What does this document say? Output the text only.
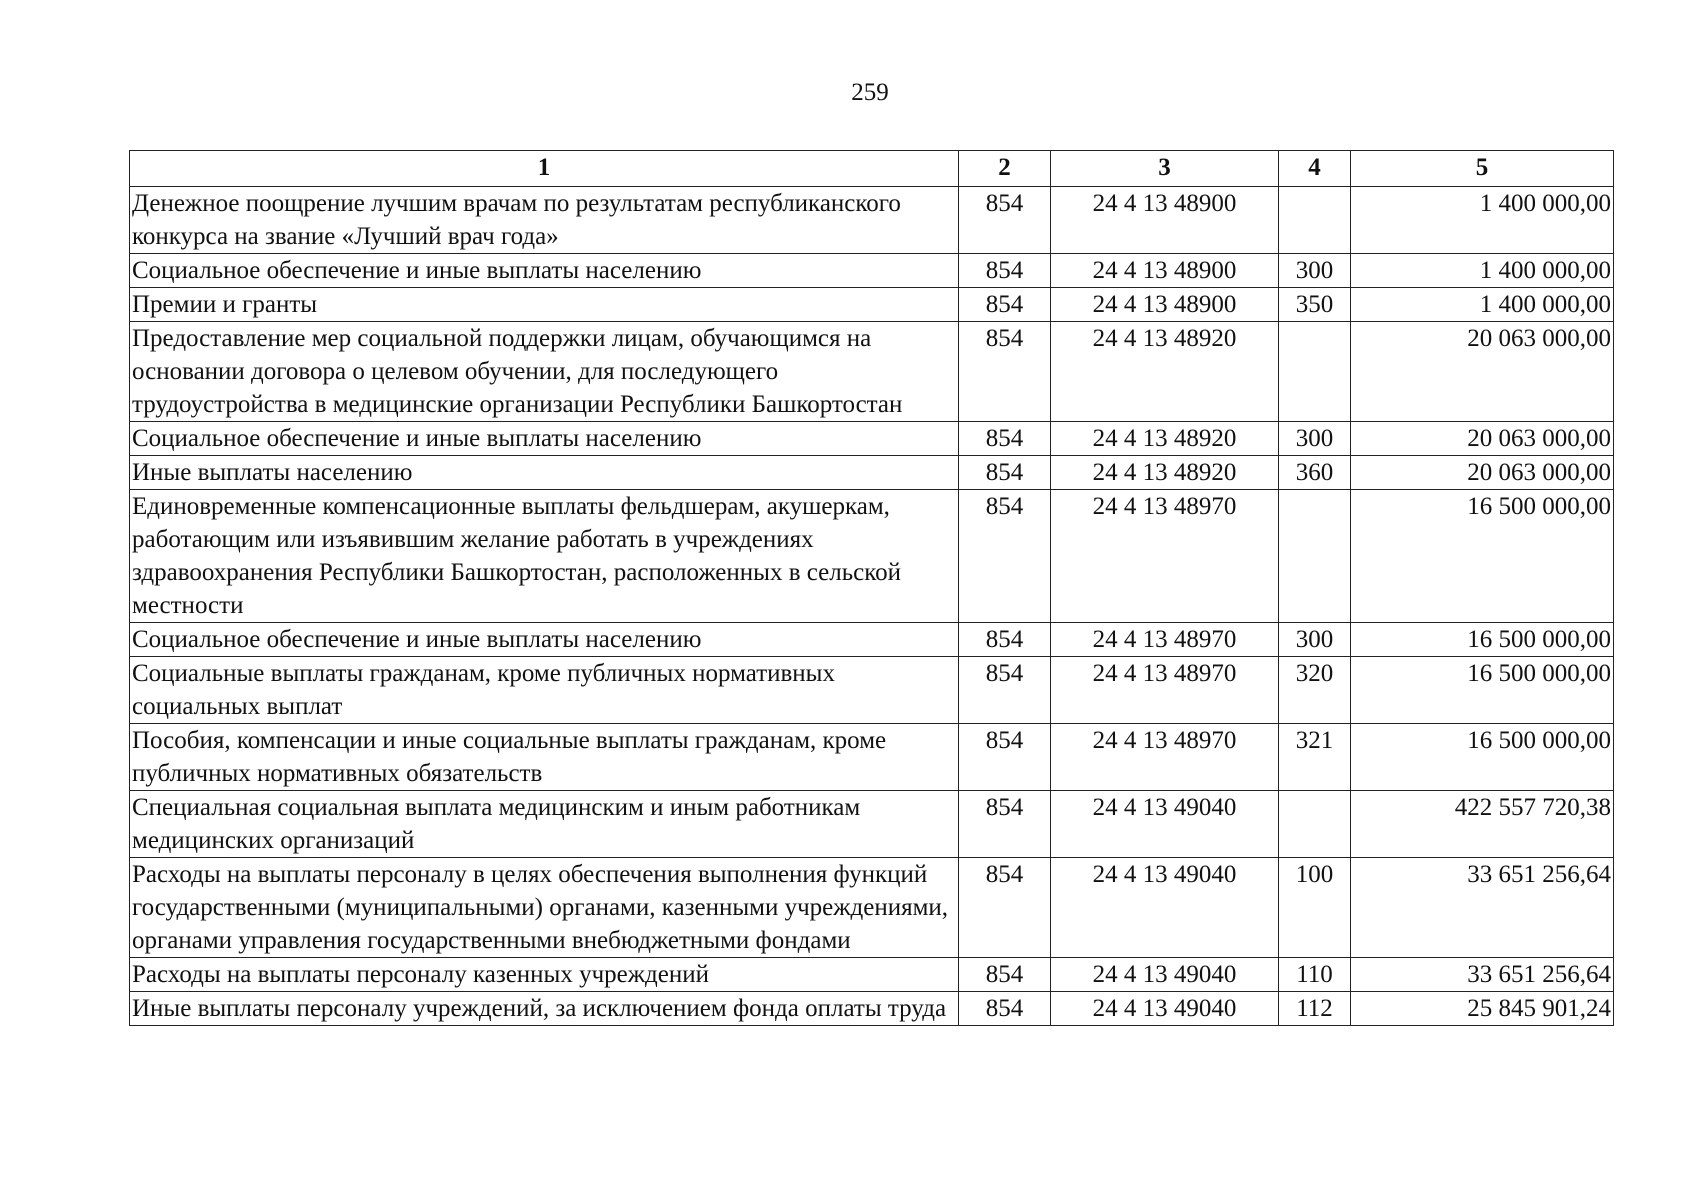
259
1	2	3	4	5
Денежное поощрение лучшим врачам по результатам республиканского конкурса на звание «Лучший врач года»	854	24 4 13 48900		1 400 000,00
Социальное обеспечение и иные выплаты населению	854	24 4 13 48900	300	1 400 000,00
Премии и гранты	854	24 4 13 48900	350	1 400 000,00
Предоставление мер социальной поддержки лицам, обучающимся на основании договора о целевом обучении, для последующего трудоустройства в медицинские организации Республики Башкортостан	854	24 4 13 48920		20 063 000,00
Социальное обеспечение и иные выплаты населению	854	24 4 13 48920	300	20 063 000,00
Иные выплаты населению	854	24 4 13 48920	360	20 063 000,00
Единовременные компенсационные выплаты фельдшерам, акушеркам, работающим или изъявившим желание работать в учреждениях здравоохранения Республики Башкортостан, расположенных в сельской местности	854	24 4 13 48970		16 500 000,00
Социальное обеспечение и иные выплаты населению	854	24 4 13 48970	300	16 500 000,00
Социальные выплаты гражданам, кроме публичных нормативных социальных выплат	854	24 4 13 48970	320	16 500 000,00
Пособия, компенсации и иные социальные выплаты гражданам, кроме публичных нормативных обязательств	854	24 4 13 48970	321	16 500 000,00
Специальная социальная выплата медицинским и иным работникам медицинских организаций	854	24 4 13 49040		422 557 720,38
Расходы на выплаты персоналу в целях обеспечения выполнения функций государственными (муниципальными) органами, казенными учреждениями, органами управления государственными внебюджетными фондами	854	24 4 13 49040	100	33 651 256,64
Расходы на выплаты персоналу казенных учреждений	854	24 4 13 49040	110	33 651 256,64
Иные выплаты персоналу учреждений, за исключением фонда оплаты труда	854	24 4 13 49040	112	25 845 901,24
